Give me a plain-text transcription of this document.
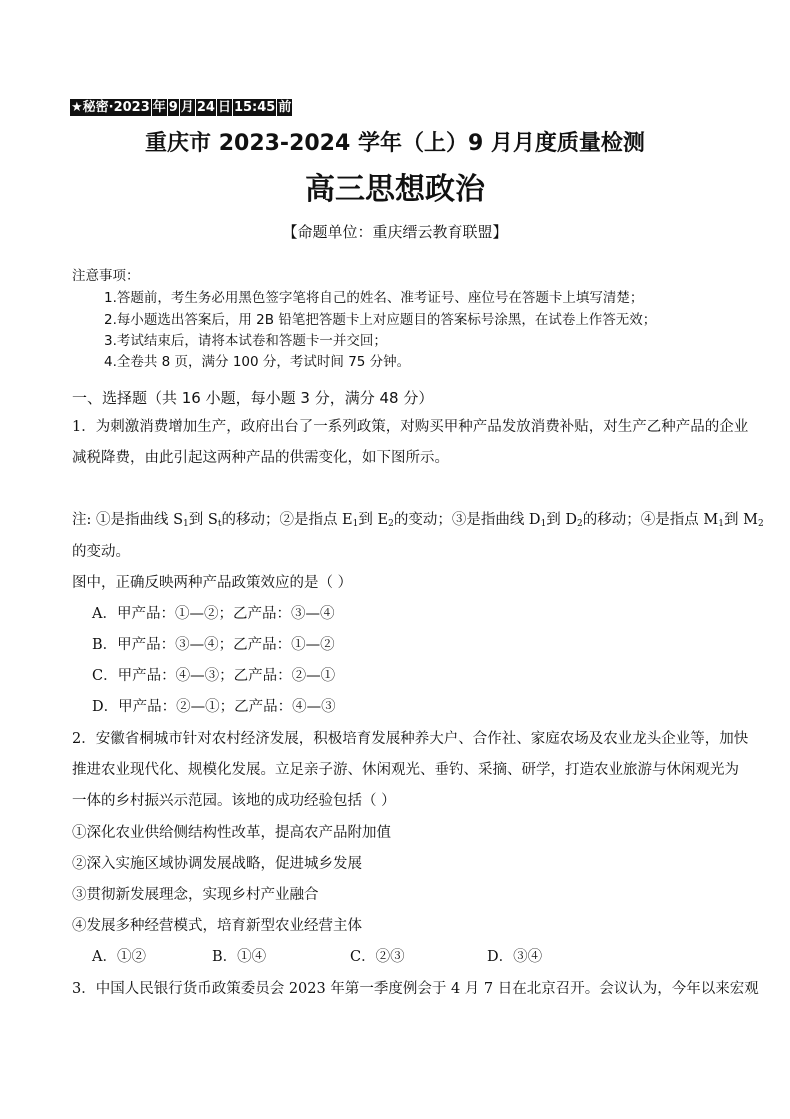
★秘密·2023 年 9 月 24 日 15:45 前
重庆市 2023-2024 学年（上）9 月月度质量检测
高三思想政治
【命题单位：重庆缙云教育联盟】
注意事项：
1.答题前，考生务必用黑色签字笔将自己的姓名、准考证号、座位号在答题卡上填写清楚；
2.每小题选出答案后，用 2B 铅笔把答题卡上对应题目的答案标号涂黑，在试卷上作答无效；
3.考试结束后，请将本试卷和答题卡一并交回；
4.全卷共 8 页，满分 100 分，考试时间 75 分钟。
一、选择题（共 16 小题，每小题 3 分，满分 48 分）
1．为刺激消费增加生产，政府出台了一系列政策，对购买甲种产品发放消费补贴，对生产乙种产品的企业
减税降费，由此引起这两种产品的供需变化，如下图所示。
注: ①是指曲线 $S_1$到 $S_t$的移动；②是指点 $E_1$到 $E_2$的变动；③是指曲线 $D_1$到 $D_2$的移动；④是指点 $M_1$到 $M_2$
的变动。
图中，正确反映两种产品政策效应的是（ ）
A．甲产品：①—②；乙产品：③—④
B．甲产品：③—④；乙产品：①—②
C．甲产品：④—③；乙产品：②—①
D．甲产品：②—①；乙产品：④—③
2．安徽省桐城市针对农村经济发展，积极培育发展种养大户、合作社、家庭农场及农业龙头企业等，加快
推进农业现代化、规模化发展。立足亲子游、休闲观光、垂钓、采摘、研学，打造农业旅游与休闲观光为
一体的乡村振兴示范园。该地的成功经验包括（ ）
①深化农业供给侧结构性改革，提高农产品附加值
②深入实施区域协调发展战略，促进城乡发展
③贯彻新发展理念，实现乡村产业融合
④发展多种经营模式，培育新型农业经营主体
A．①②	B．①④	C．②③	D．③④
3．中国人民银行货币政策委员会 2023 年第一季度例会于 4 月 7 日在北京召开。会议认为，今年以来宏观
